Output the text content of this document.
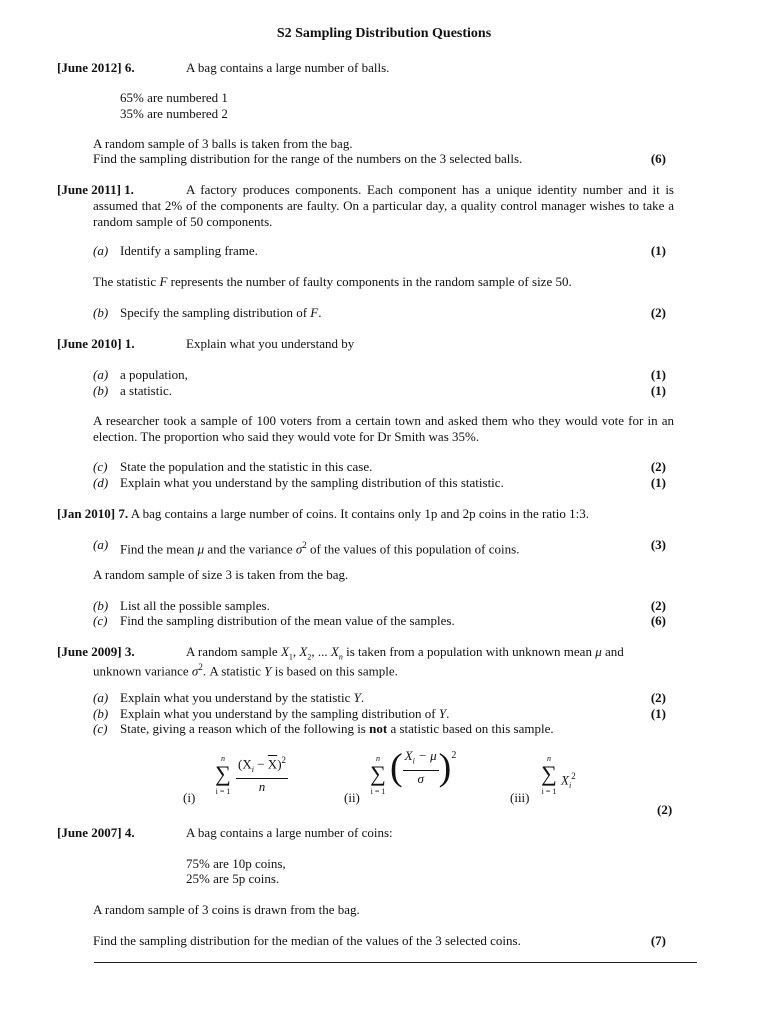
S2 Sampling Distribution Questions
[June 2012] 6.	A bag contains a large number of balls.
65% are numbered 1
35% are numbered 2
A random sample of 3 balls is taken from the bag.
Find the sampling distribution for the range of the numbers on the 3 selected balls.	(6)
[June 2011] 1.	A factory produces components. Each component has a unique identity number and it is assumed that 2% of the components are faulty. On a particular day, a quality control manager wishes to take a random sample of 50 components.
(a) Identify a sampling frame.	(1)
The statistic F represents the number of faulty components in the random sample of size 50.
(b) Specify the sampling distribution of F.	(2)
[June 2010] 1.	Explain what you understand by
(a) a population,	(1)
(b) a statistic.	(1)
A researcher took a sample of 100 voters from a certain town and asked them who they would vote for in an election. The proportion who said they would vote for Dr Smith was 35%.
(c) State the population and the statistic in this case.	(2)
(d) Explain what you understand by the sampling distribution of this statistic.	(1)
[Jan 2010] 7. A bag contains a large number of coins. It contains only 1p and 2p coins in the ratio 1:3.
(a) Find the mean μ and the variance $\sigma^2$ of the values of this population of coins.	(3)
A random sample of size 3 is taken from the bag.
(b) List all the possible samples.	(2)
(c) Find the sampling distribution of the mean value of the samples.	(6)
[June 2009] 3.	A random sample $X_1$, $X_2$, ... $X_n$ is taken from a population with unknown mean μ and
unknown variance $\sigma^2$. A statistic Y is based on this sample.
(a) Explain what you understand by the statistic Y.	(2)
(b) Explain what you understand by the sampling distribution of Y.	(1)
(c) State, giving a reason which of the following is not a statistic based on this sample.
(i)
n
∑
$i = 1 \frac{(X_i - \overline{X})^2}{n}$
(ii)
n
∑
i = 1
( $\frac{X_i - \mu}{\sigma} )^2$
(iii)
n
∑
i = 1
$X_i^2$
(2)
[June 2007] 4.	A bag contains a large number of coins:
75% are 10p coins,
25% are 5p coins.
A random sample of 3 coins is drawn from the bag.
Find the sampling distribution for the median of the values of the 3 selected coins.	(7)
